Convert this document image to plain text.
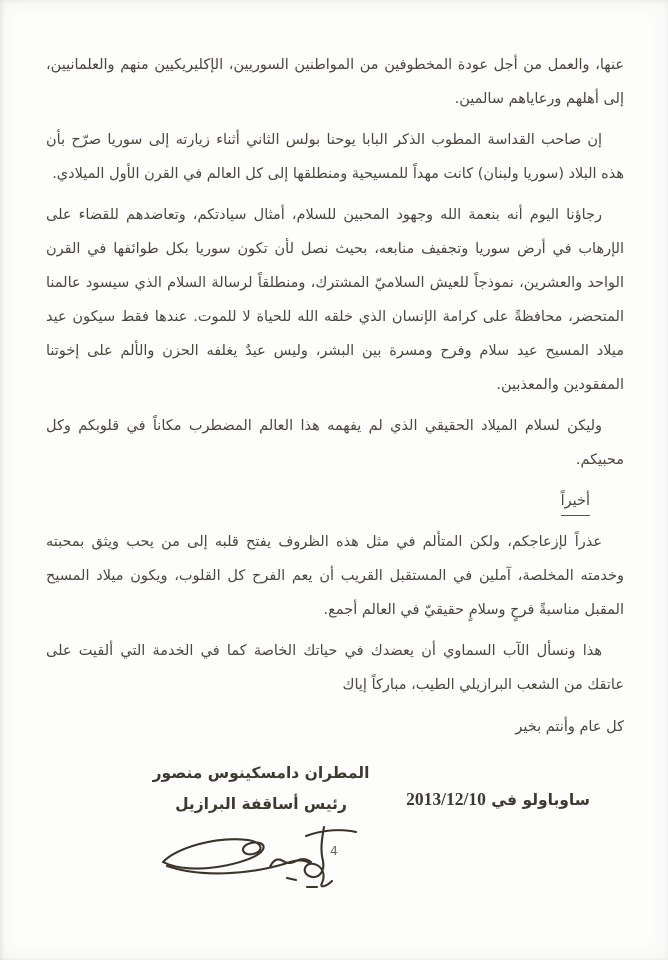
عنها، والعمل من أجل عودة المخطوفين من المواطنين السوريين، الإكليريكيين منهم والعلمانيين، إلى أهلهم ورعاياهم سالمين.

إن صاحب القداسة المطوب الذكر البابا يوحنا بولس الثاني أثناء زيارته إلى سوريا صرّح بأن هذه البلاد (سوريا ولبنان) كانت مهداً للمسيحية ومنطلقها إلى كل العالم في القرن الأول الميلادي.

رجاؤنا اليوم أنه بنعمة الله وجهود المحبين للسلام، أمثال سيادتكم، وتعاضدهم للقضاء على الإرهاب في أرض سوريا وتجفيف منابعه، بحيث نصل لأن تكون سوريا بكل طوائفها في القرن الواحد والعشرين، نموذجاً للعيش السلاميّ المشترك، ومنطلقاً لرسالة السلام الذي سيسود عالمنا المتحضر، محافظةً على كرامة الإنسان الذي خلقه الله للحياة لا للموت. عندها فقط سيكون عيد ميلاد المسيح عيد سلام وفرح ومسرة بين البشر، وليس عيدٌ يغلفه الحزن والألم على إخوتنا المفقودين والمعذبين.

وليكن لسلام الميلاد الحقيقي الذي لم يفهمه هذا العالم المضطرب مكاناً في قلوبكم وكل محبيكم.

أخيراً

عذراً لإزعاجكم، ولكن المتألم في مثل هذه الظروف يفتح قلبه إلى من يحب ويثق بمحبته وخدمته المخلصة، آملين في المستقبل القريب أن يعم الفرح كل القلوب، ويكون ميلاد المسيح المقبل مناسبةً فرحٍ وسلامٍ حقيقيّ في العالم أجمع.

هذا ونسأل الآب السماوي أن يعضدك في حياتك الخاصة كما في الخدمة التي ألقيت على عاتقك من الشعب البرازيلي الطيب، مباركاً إياك

كل عام وأنتم بخير

المطران دامسكينوس منصور
رئيس أساقفة البرازيل	ساوباولو في 2013/12/10
4
